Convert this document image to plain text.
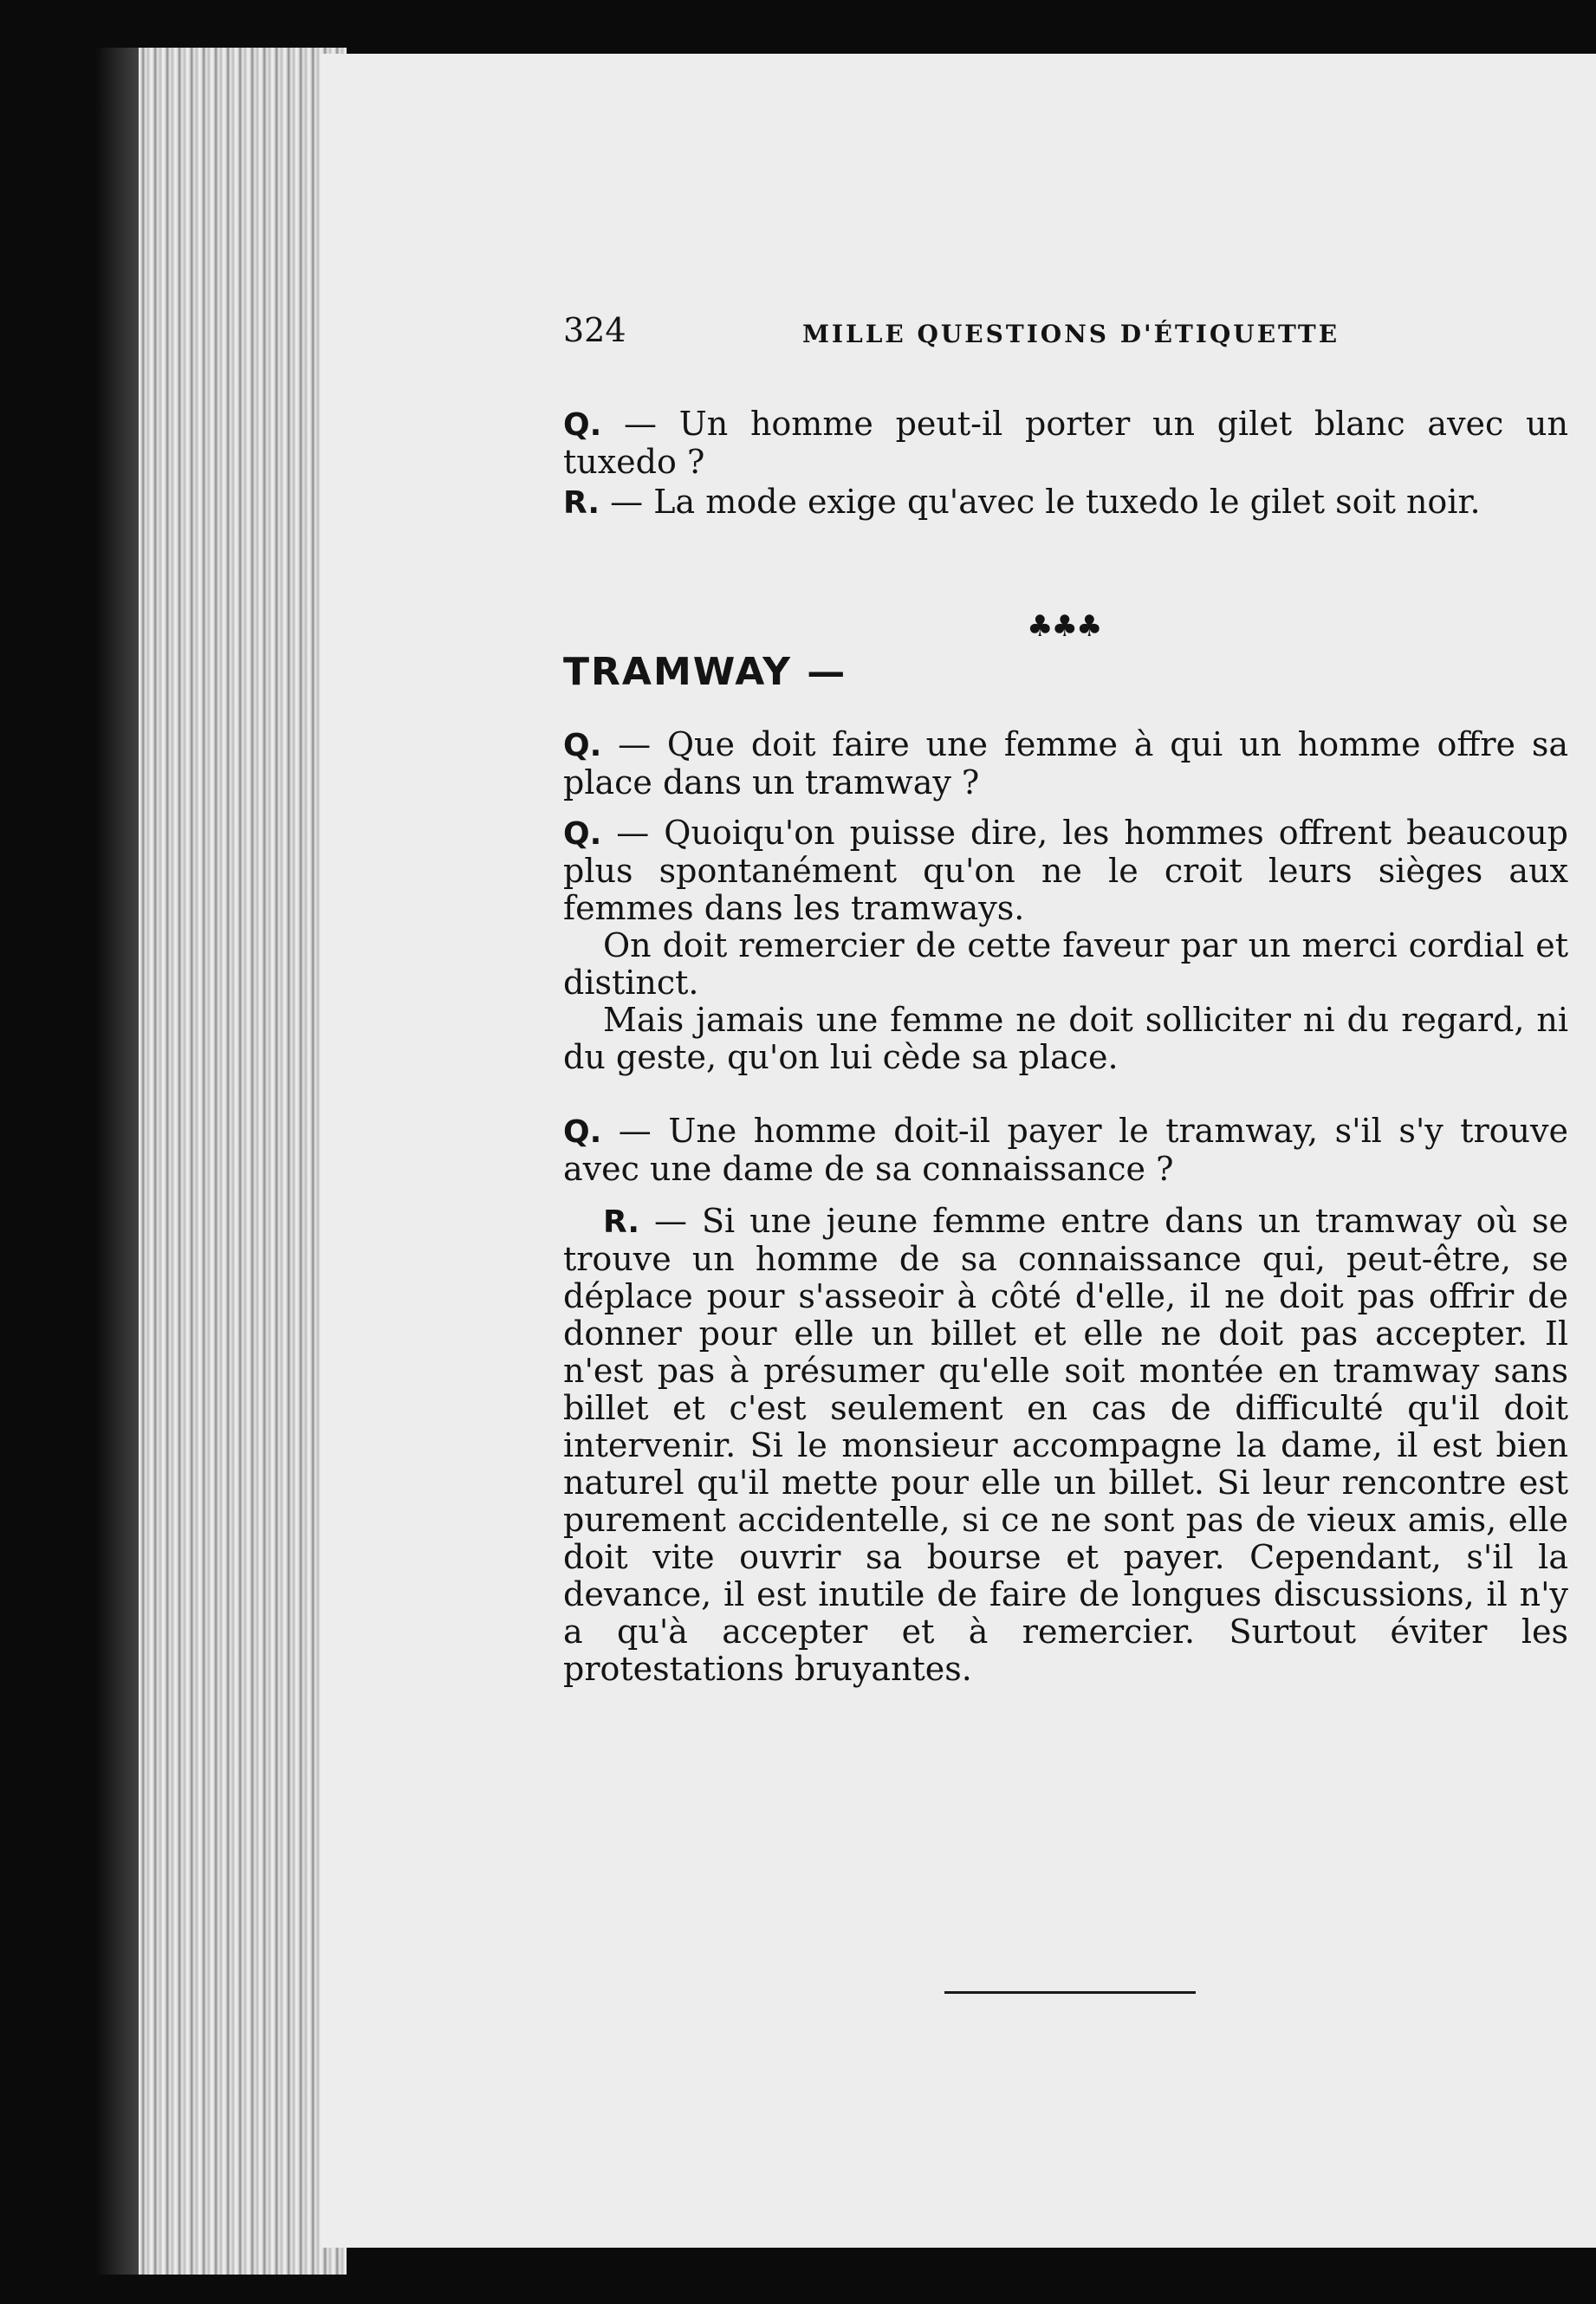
324	MILLE QUESTIONS D'ÉTIQUETTE

Q. — Un homme peut-il porter un gilet blanc avec un tuxedo ?

R. — La mode exige qu'avec le tuxedo le gilet soit noir.

♣♣♣
TRAMWAY —

Q. — Que doit faire une femme à qui un homme offre sa place dans un tramway ?

Q. — Quoiqu'on puisse dire, les hommes offrent beaucoup plus spontanément qu'on ne le croit leurs sièges aux femmes dans les tramways.

On doit remercier de cette faveur par un merci cordial et distinct.

Mais jamais une femme ne doit solliciter ni du regard, ni du geste, qu'on lui cède sa place.

Q. — Une homme doit-il payer le tramway, s'il s'y trouve avec une dame de sa connaissance ?

R. — Si une jeune femme entre dans un tramway où se trouve un homme de sa connaissance qui, peut-être, se déplace pour s'asseoir à côté d'elle, il ne doit pas offrir de donner pour elle un billet et elle ne doit pas accepter. Il n'est pas à présumer qu'elle soit montée en tramway sans billet et c'est seulement en cas de difficulté qu'il doit intervenir. Si le monsieur accompagne la dame, il est bien naturel qu'il mette pour elle un billet. Si leur rencontre est purement accidentelle, si ce ne sont pas de vieux amis, elle doit vite ouvrir sa bourse et payer. Cependant, s'il la devance, il est inutile de faire de longues discussions, il n'y a qu'à accepter et à remercier. Surtout éviter les protestations bruyantes.
